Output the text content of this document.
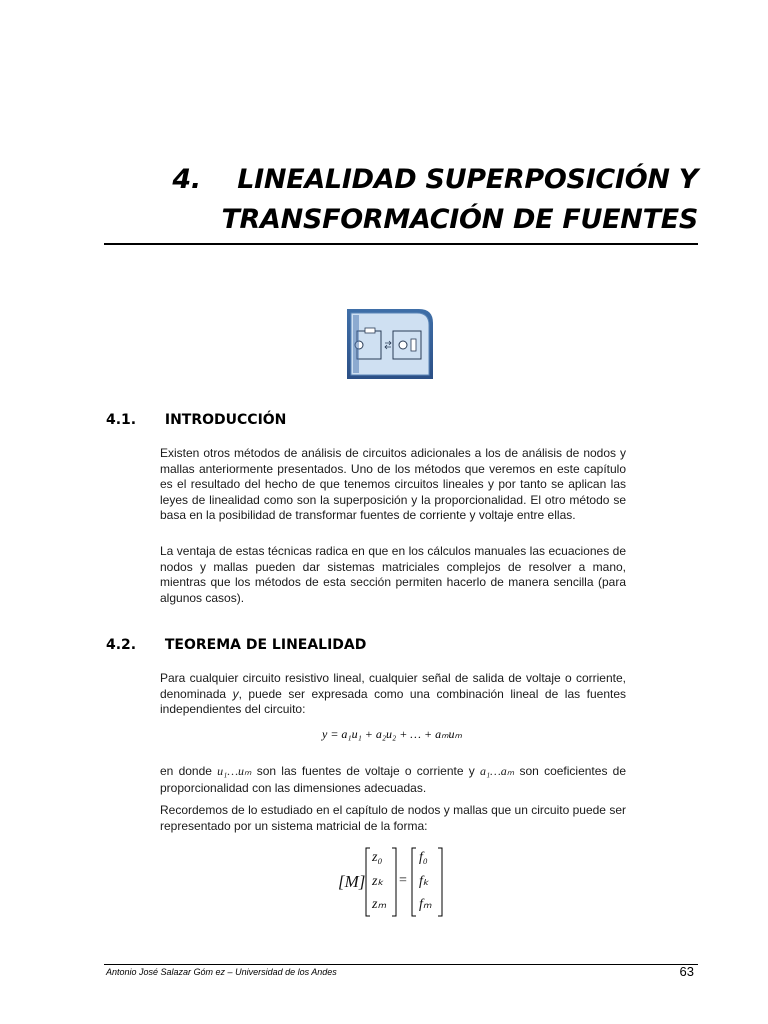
4.    LINEALIDAD SUPERPOSICIÓN Y
TRANSFORMACIÓN DE FUENTES
4.1. INTRODUCCIÓN

Existen otros métodos de análisis de circuitos adicionales a los de análisis de nodos y mallas anteriormente presentados. Uno de los métodos que veremos en este capítulo es el resultado del hecho de que tenemos circuitos lineales y por tanto se aplican las leyes de linealidad como son la superposición y la proporcionalidad. El otro método se basa en la posibilidad de transformar fuentes de corriente y voltaje entre ellas.

La ventaja de estas técnicas radica en que en los cálculos manuales las ecuaciones de nodos y mallas pueden dar sistemas matriciales complejos de resolver a mano, mientras que los métodos de esta sección permiten hacerlo de manera sencilla (para algunos casos).

4.2. TEOREMA DE LINEALIDAD

Para cualquier circuito resistivo lineal, cualquier señal de salida de voltaje o corriente, denominada y, puede ser expresada como una combinación lineal de las fuentes independientes del circuito:

y = a₁u₁ + a₂u₂ + … + aₘuₘ

en donde u₁…uₘ son las fuentes de voltaje o corriente y a₁…aₘ son coeficientes de proporcionalidad con las dimensiones adecuadas.

Recordemos de lo estudiado en el capítulo de nodos y mallas que un circuito puede ser representado por un sistema matricial de la forma:

[M]
z₀
zₖ
zₘ
=
f₀
fₖ
fₘ
Antonio José Salazar Góm ez – Universidad de los Andes	63
